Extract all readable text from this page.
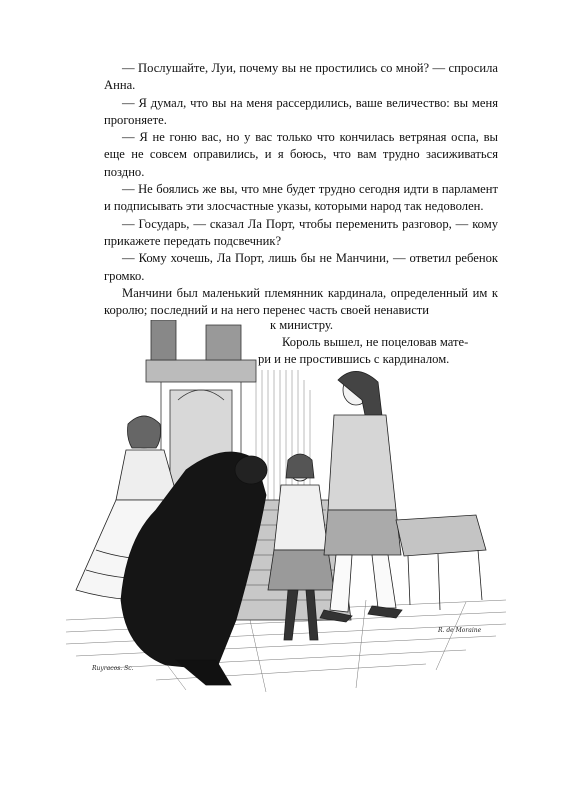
— Послушайте, Луи, почему вы не простились со мной? — спросила Анна.

— Я думал, что вы на меня рассердились, ваше величество: вы меня прогоняете.

— Я не гоню вас, но у вас только что кончилась ветряная оспа, вы еще не совсем оправились, и я боюсь, что вам трудно засиживаться поздно.

— Не боялись же вы, что мне будет трудно сегодня идти в парламент и подписывать эти злосчастные указы, которыми народ так недоволен.

— Государь, — сказал Ла Порт, чтобы переменить разговор, — кому прикажете передать подсвечник?

— Кому хочешь, Ла Порт, лишь бы не Манчини, — ответил ребенок громко.

Манчини был маленький племянник кардинала, определенный им к королю; последний и на него перенес часть своей ненависти

к министру.
Король вышел, не поцеловав мате-
ри и не простившись с кардиналом.
Ruyracos. Sc.
R. de Moraine
